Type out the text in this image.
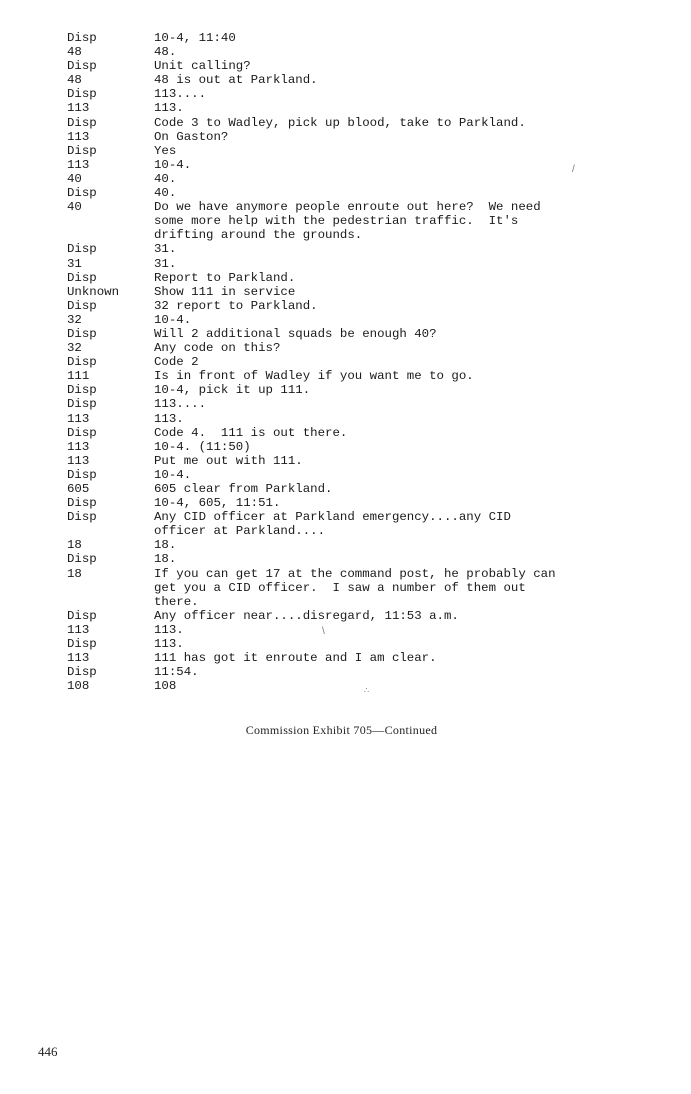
Disp	10-4, 11:40
48	48.
Disp	Unit calling?
48	48 is out at Parkland.
Disp	113....
113	113.
Disp	Code 3 to Wadley, pick up blood, take to Parkland.
113	On Gaston?
Disp	Yes
113	10-4.
40	40.
Disp	40.
40	Do we have anymore people enroute out here?  We need
some more help with the pedestrian traffic.  It's
drifting around the grounds.
Disp	31.
31	31.
Disp	Report to Parkland.
Unknown	Show 111 in service
Disp	32 report to Parkland.
32	10-4.
Disp	Will 2 additional squads be enough 40?
32	Any code on this?
Disp	Code 2
111	Is in front of Wadley if you want me to go.
Disp	10-4, pick it up 111.
Disp	113....
113	113.
Disp	Code 4.  111 is out there.
113	10-4. (11:50)
113	Put me out with 111.
Disp	10-4.
605	605 clear from Parkland.
Disp	10-4, 605, 11:51.
Disp	Any CID officer at Parkland emergency....any CID
officer at Parkland....
18	18.
Disp	18.
18	If you can get 17 at the command post, he probably can
get you a CID officer.  I saw a number of them out
there.
Disp	Any officer near....disregard, 11:53 a.m.
113	113.
Disp	113.
113	111 has got it enroute and I am clear.
Disp	11:54.
108	108
/
\
∴
Commission Exhibit 705—Continued
446
